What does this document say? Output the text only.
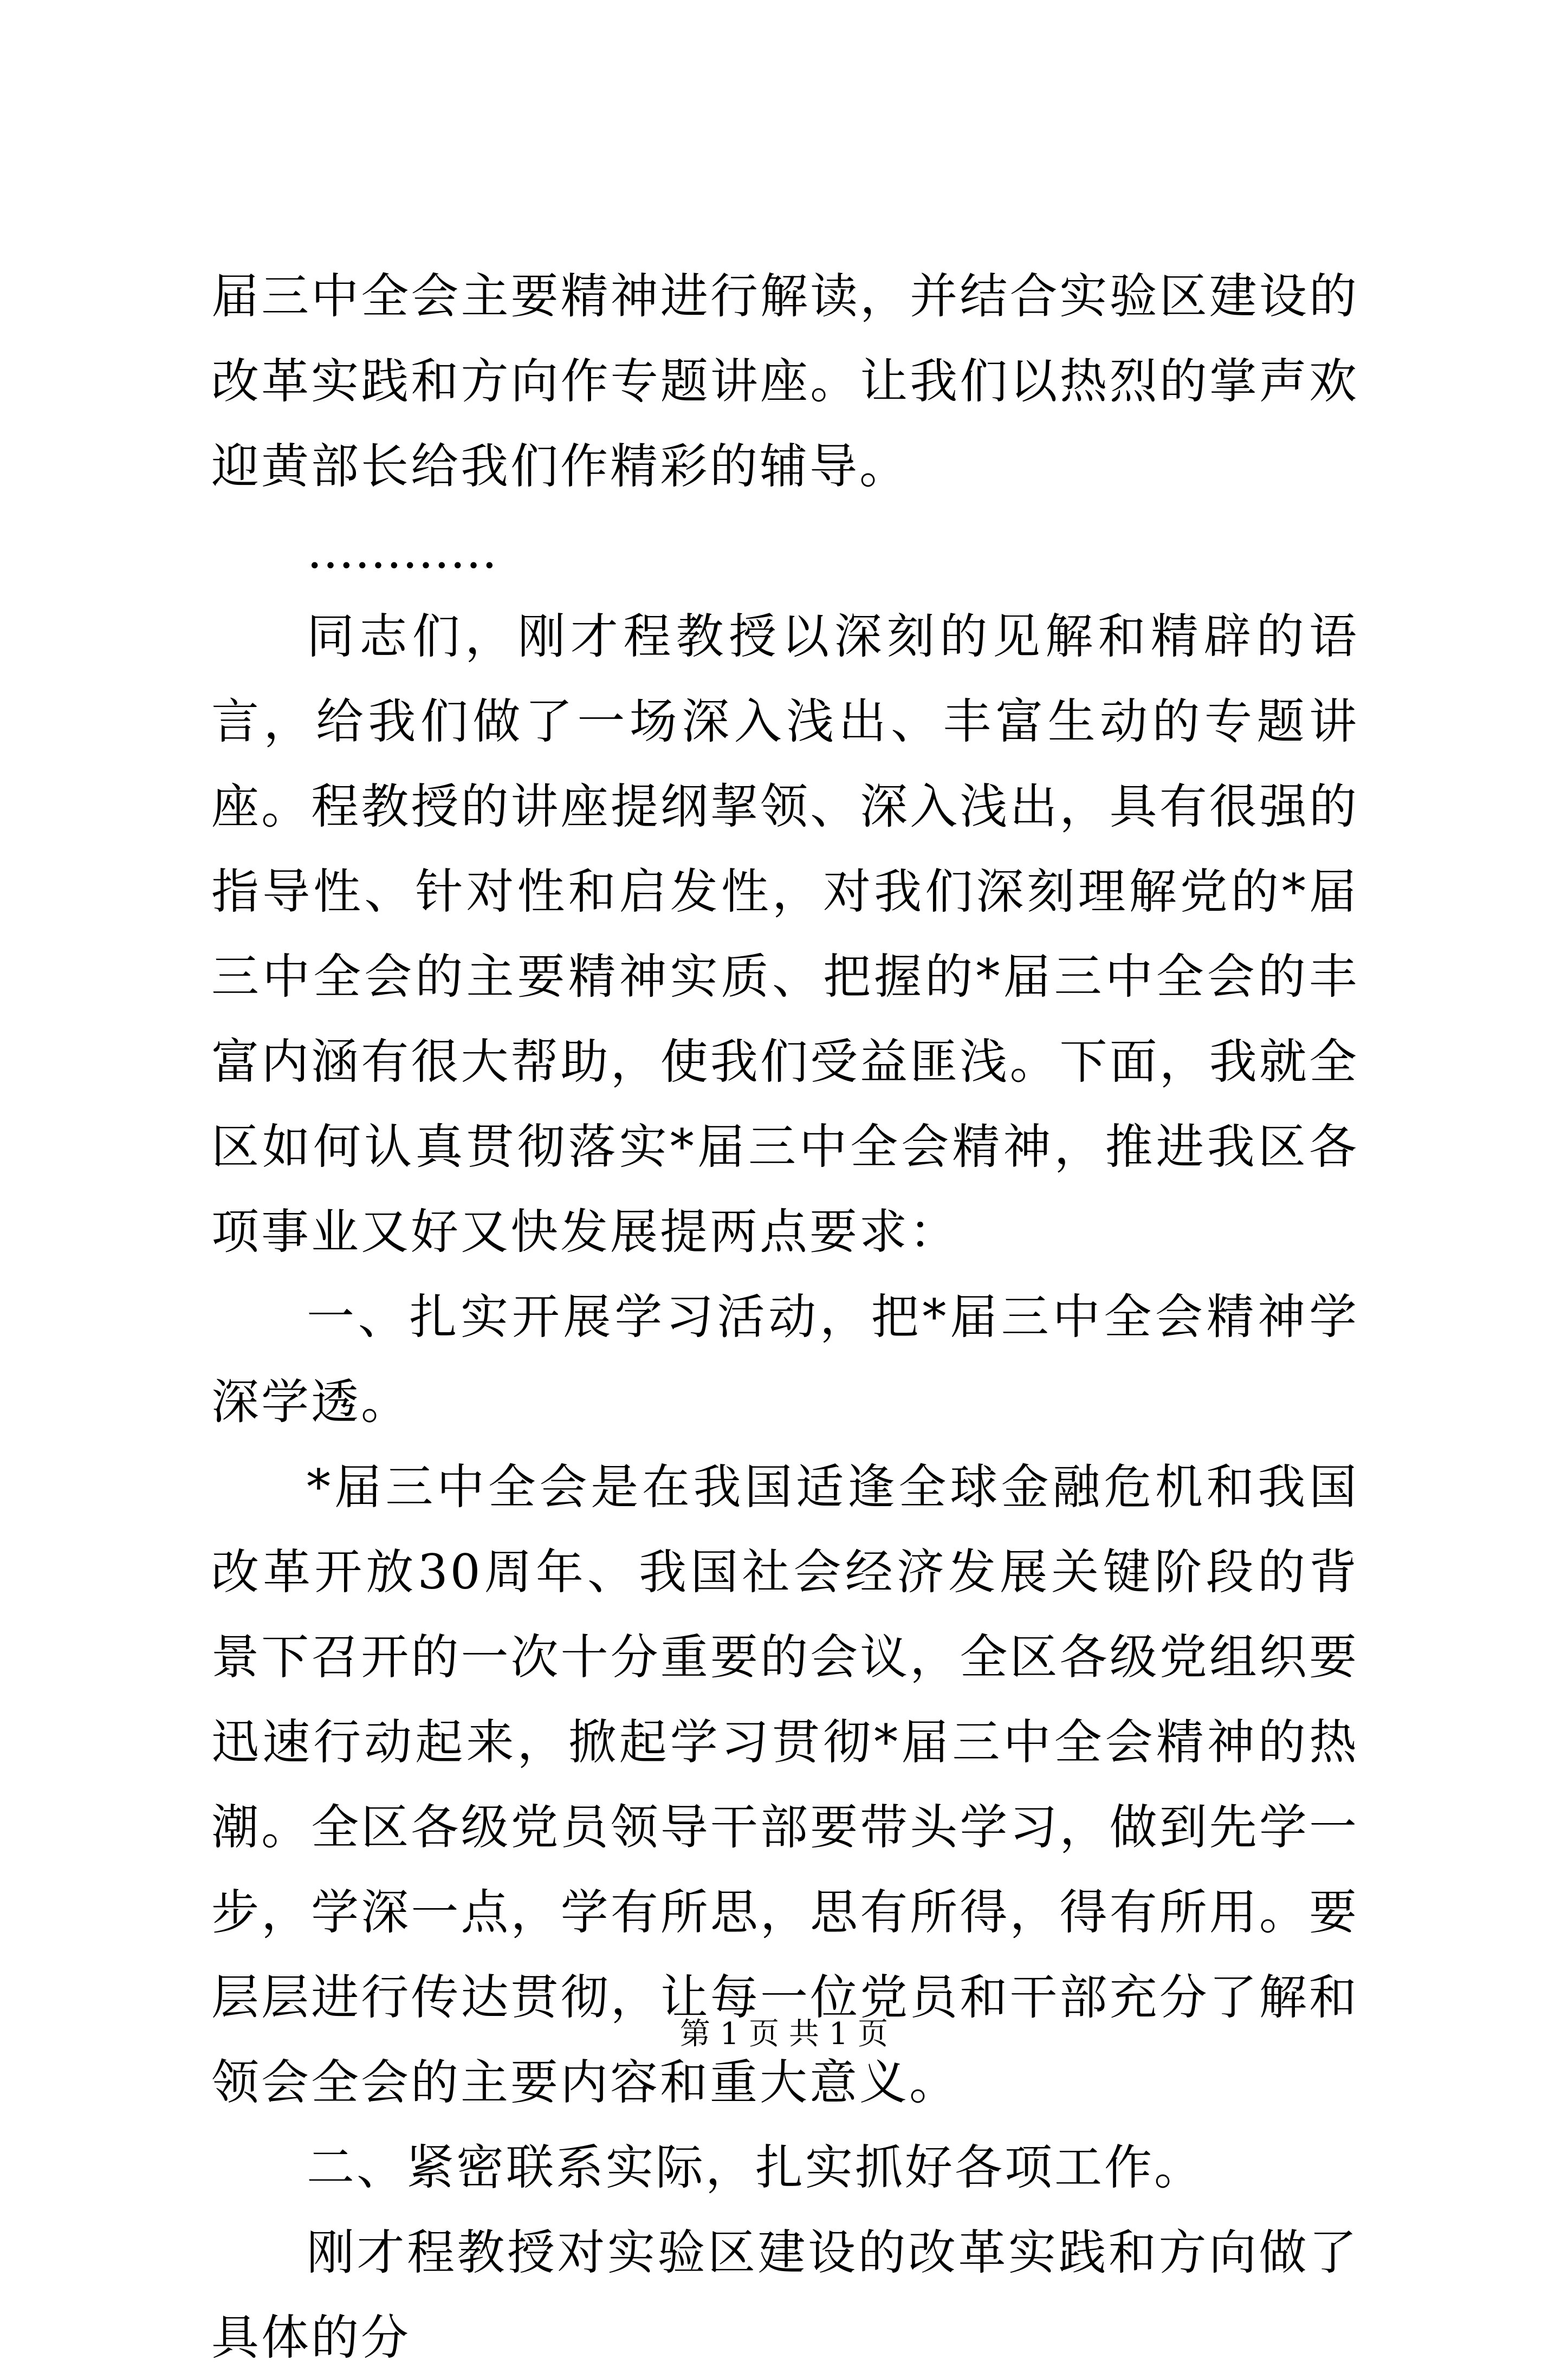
届三中全会主要精神进行解读，并结合实验区建设的改革实践和方向作专题讲座。让我们以热烈的掌声欢迎黄部长给我们作精彩的辅导。

…………

同志们，刚才程教授以深刻的见解和精辟的语言，给我们做了一场深入浅出、丰富生动的专题讲座。程教授的讲座提纲挈领、深入浅出，具有很强的指导性、针对性和启发性，对我们深刻理解党的*届三中全会的主要精神实质、把握的*届三中全会的丰富内涵有很大帮助，使我们受益匪浅。下面，我就全区如何认真贯彻落实*届三中全会精神，推进我区各项事业又好又快发展提两点要求：

一、扎实开展学习活动，把*届三中全会精神学深学透。

*届三中全会是在我国适逢全球金融危机和我国改革开放30周年、我国社会经济发展关键阶段的背景下召开的一次十分重要的会议，全区各级党组织要迅速行动起来，掀起学习贯彻*届三中全会精神的热潮。全区各级党员领导干部要带头学习，做到先学一步，学深一点，学有所思，思有所得，得有所用。要层层进行传达贯彻，让每一位党员和干部充分了解和领会全会的主要内容和重大意义。

二、紧密联系实际，扎实抓好各项工作。

刚才程教授对实验区建设的改革实践和方向做了具体的分

第 1 页 共 1 页
